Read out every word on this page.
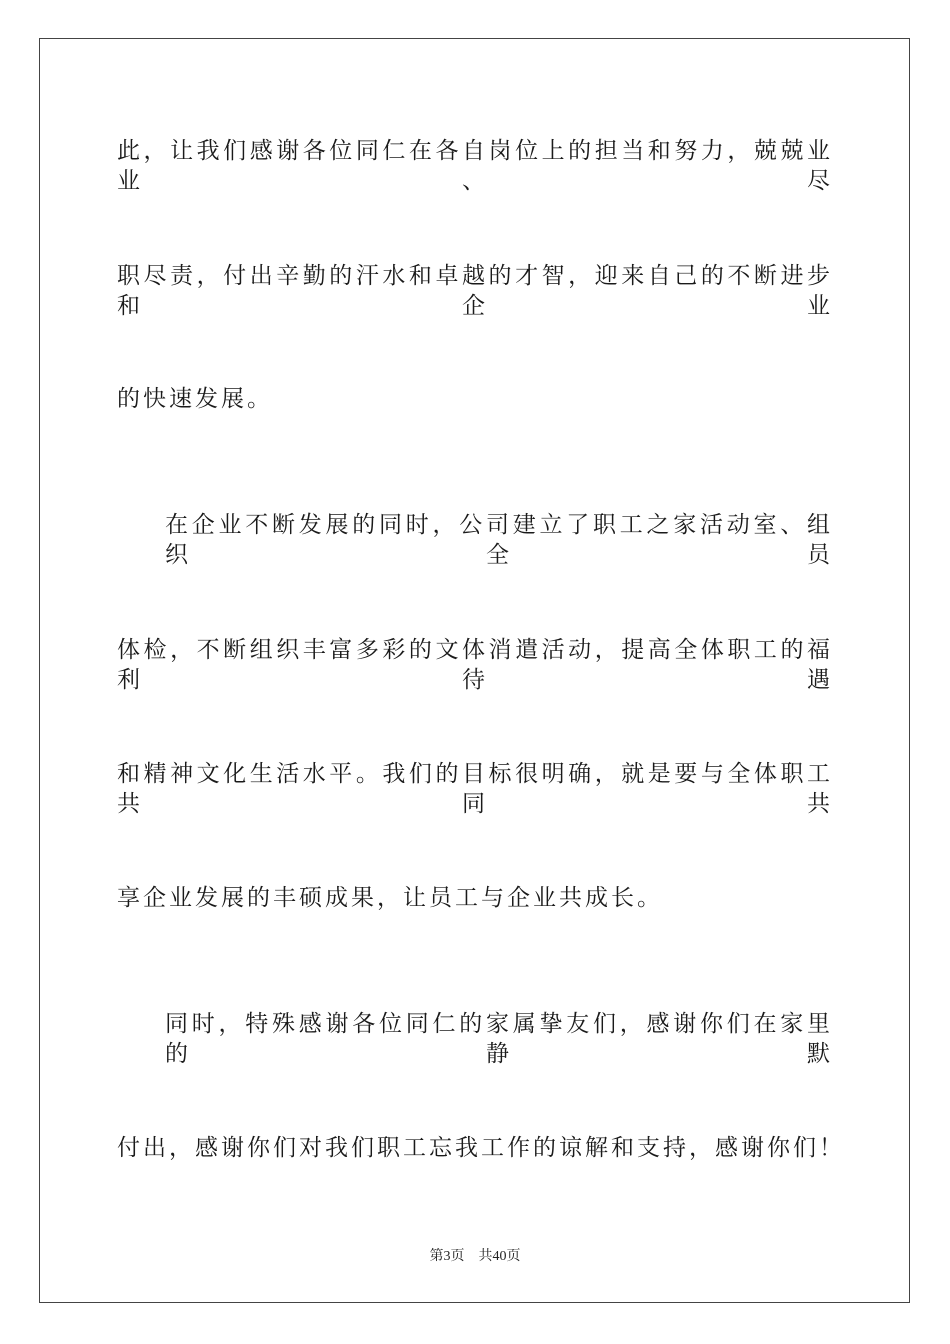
此，让我们感谢各位同仁在各自岗位上的担当和努力，兢兢业业、尽
职尽责，付出辛勤的汗水和卓越的才智，迎来自己的不断进步和企业
的快速发展。
在企业不断发展的同时，公司建立了职工之家活动室、组织全员
体检，不断组织丰富多彩的文体消遣活动，提高全体职工的福利待遇
和精神文化生活水平。我们的目标很明确，就是要与全体职工共同共
享企业发展的丰硕成果，让员工与企业共成长。
同时，特殊感谢各位同仁的家属挚友们，感谢你们在家里的静默
付出，感谢你们对我们职工忘我工作的谅解和支持，感谢你们！
第3页 共40页
